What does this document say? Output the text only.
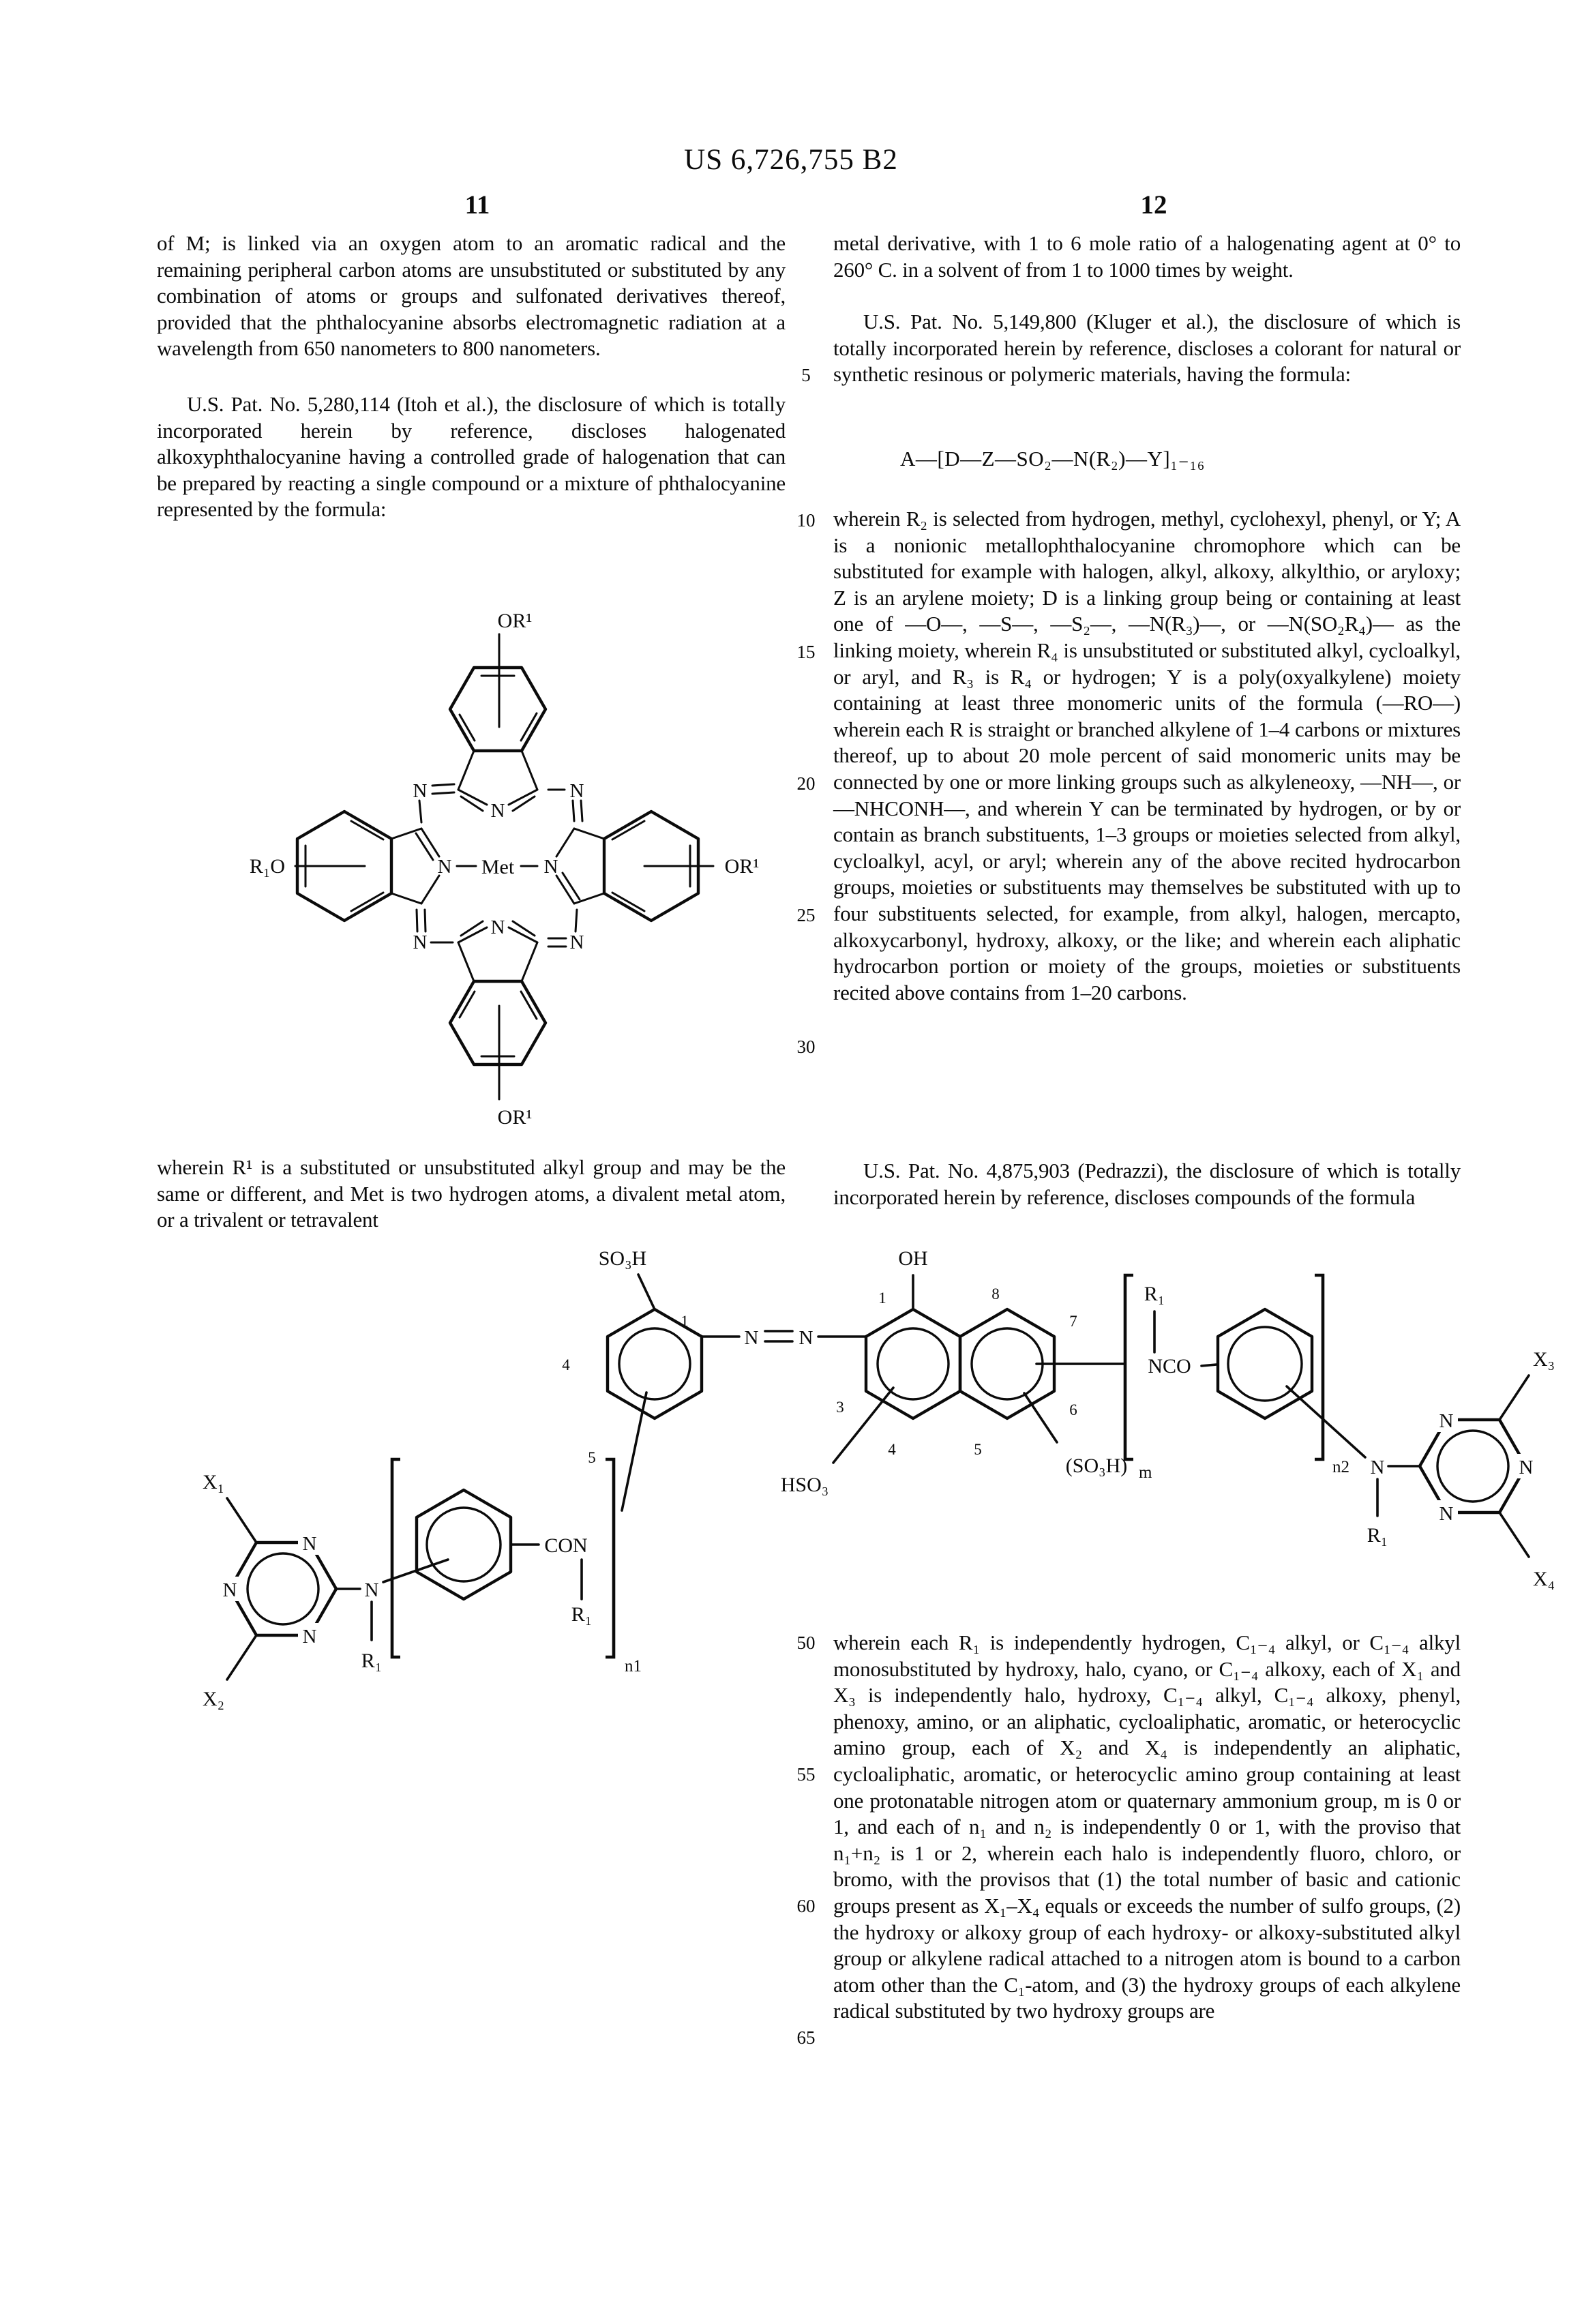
US 6,726,755 B2
11	12
5
10
15
20
25
30
50
55
60
65
of M; is linked via an oxygen atom to an aromatic radical and the remaining peripheral carbon atoms are unsubstituted or substituted by any combination of atoms or groups and sulfonated derivatives thereof, provided that the phthalocyanine absorbs electromagnetic radiation at a wavelength from 650 nanometers to 800 nanometers.
U.S. Pat. No. 5,280,114 (Itoh et al.), the disclosure of which is totally incorporated herein by reference, discloses halogenated alkoxyphthalocyanine having a controlled grade of halogenation that can be prepared by reacting a single compound or a mixture of phthalocyanine represented by the formula:
wherein R¹ is a substituted or unsubstituted alkyl group and may be the same or different, and Met is two hydrogen atoms, a divalent metal atom, or a trivalent or tetravalent
metal derivative, with 1 to 6 mole ratio of a halogenating agent at 0° to 260° C. in a solvent of from 1 to 1000 times by weight.
U.S. Pat. No. 5,149,800 (Kluger et al.), the disclosure of which is totally incorporated herein by reference, discloses a colorant for natural or synthetic resinous or polymeric materials, having the formula:
A—[D—Z—SO₂—N(R₂)—Y]₁₋₁₆
wherein R₂ is selected from hydrogen, methyl, cyclohexyl, phenyl, or Y; A is a nonionic metallophthalocyanine chromophore which can be substituted for example with halogen, alkyl, alkoxy, alkylthio, or aryloxy; Z is an arylene moiety; D is a linking group being or containing at least one of —O—, —S—, —S₂—, —N(R₃)—, or —N(SO₂R₄)— as the linking moiety, wherein R₄ is unsubstituted or substituted alkyl, cycloalkyl, or aryl, and R₃ is R₄ or hydrogen; Y is a poly(oxyalkylene) moiety containing at least three monomeric units of the formula (—RO—) wherein each R is straight or branched alkylene of 1–4 carbons or mixtures thereof, up to about 20 mole percent of said monomeric units may be connected by one or more linking groups such as alkyleneoxy, —NH—, or —NHCONH—, and wherein Y can be terminated by hydrogen, or by or contain as branch substituents, 1–3 groups or moieties selected from alkyl, cycloalkyl, acyl, or aryl; wherein any of the above recited hydrocarbon groups, moieties or substituents may themselves be substituted with up to four substituents selected, for example, from alkyl, halogen, mercapto, alkoxycarbonyl, hydroxy, alkoxy, or the like; and wherein each aliphatic hydrocarbon portion or moiety of the groups, moieties or substituents recited above contains from 1–20 carbons.
U.S. Pat. No. 4,875,903 (Pedrazzi), the disclosure of which is totally incorporated herein by reference, discloses compounds of the formula
wherein each R₁ is independently hydrogen, C₁₋₄ alkyl, or C₁₋₄ alkyl monosubstituted by hydroxy, halo, cyano, or C₁₋₄ alkoxy, each of X₁ and X₃ is independently halo, hydroxy, C₁₋₄ alkyl, C₁₋₄ alkoxy, phenyl, phenoxy, amino, or an aliphatic, cycloaliphatic, aromatic, or heterocyclic amino group, each of X₂ and X₄ is independently an aliphatic, cycloaliphatic, aromatic, or heterocyclic amino group containing at least one protonatable nitrogen atom or quaternary ammonium group, m is 0 or 1, and each of n₁ and n₂ is independently 0 or 1, with the proviso that n₁+n₂ is 1 or 2, wherein each halo is independently fluoro, chloro, or bromo, with the provisos that (1) the total number of basic and cationic groups present as X₁–X₄ equals or exceeds the number of sulfo groups, (2) the hydroxy or alkoxy group of each hydroxy- or alkoxy-substituted alkyl group or alkylene radical attached to a nitrogen atom is bound to a carbon atom other than the C₁-atom, and (3) the hydroxy groups of each alkylene radical substituted by two hydroxy groups are
OR¹
R₁O	OR¹
OR¹
Met
N
N
N	N
N	N
N	N
N
N
N
X₁
X₂
N
R₁
CON
R₁
n1
SO₃H
1
4
5
N N
OH
1	8
7
3
4	5
6
HSO₃
(SO₃H) m
R₁
NCO
n2 N
R₁
N
N
N
X₃
X₄
